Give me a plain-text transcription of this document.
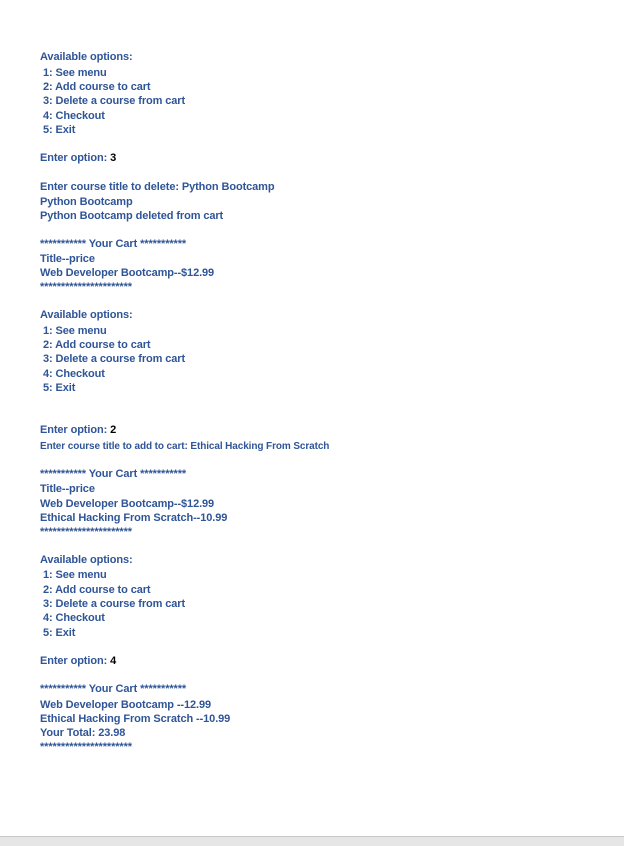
Available options:
1: See menu
2: Add course to cart
3: Delete a course from cart
4: Checkout
5: Exit
Enter option: 3
Enter course title to delete: Python Bootcamp
Python Bootcamp
Python Bootcamp deleted from cart
*********** Your Cart ***********
Title--price
Web Developer Bootcamp--$12.99
**********************
Available options:
1: See menu
2: Add course to cart
3: Delete a course from cart
4: Checkout
5: Exit
Enter option: 2
Enter course title to add to cart: Ethical Hacking From Scratch
*********** Your Cart ***********
Title--price
Web Developer Bootcamp--$12.99
Ethical Hacking From Scratch--10.99
**********************
Available options:
1: See menu
2: Add course to cart
3: Delete a course from cart
4: Checkout
5: Exit
Enter option: 4
*********** Your Cart ***********
Web Developer Bootcamp --12.99
Ethical Hacking From Scratch --10.99
Your Total: 23.98
**********************
